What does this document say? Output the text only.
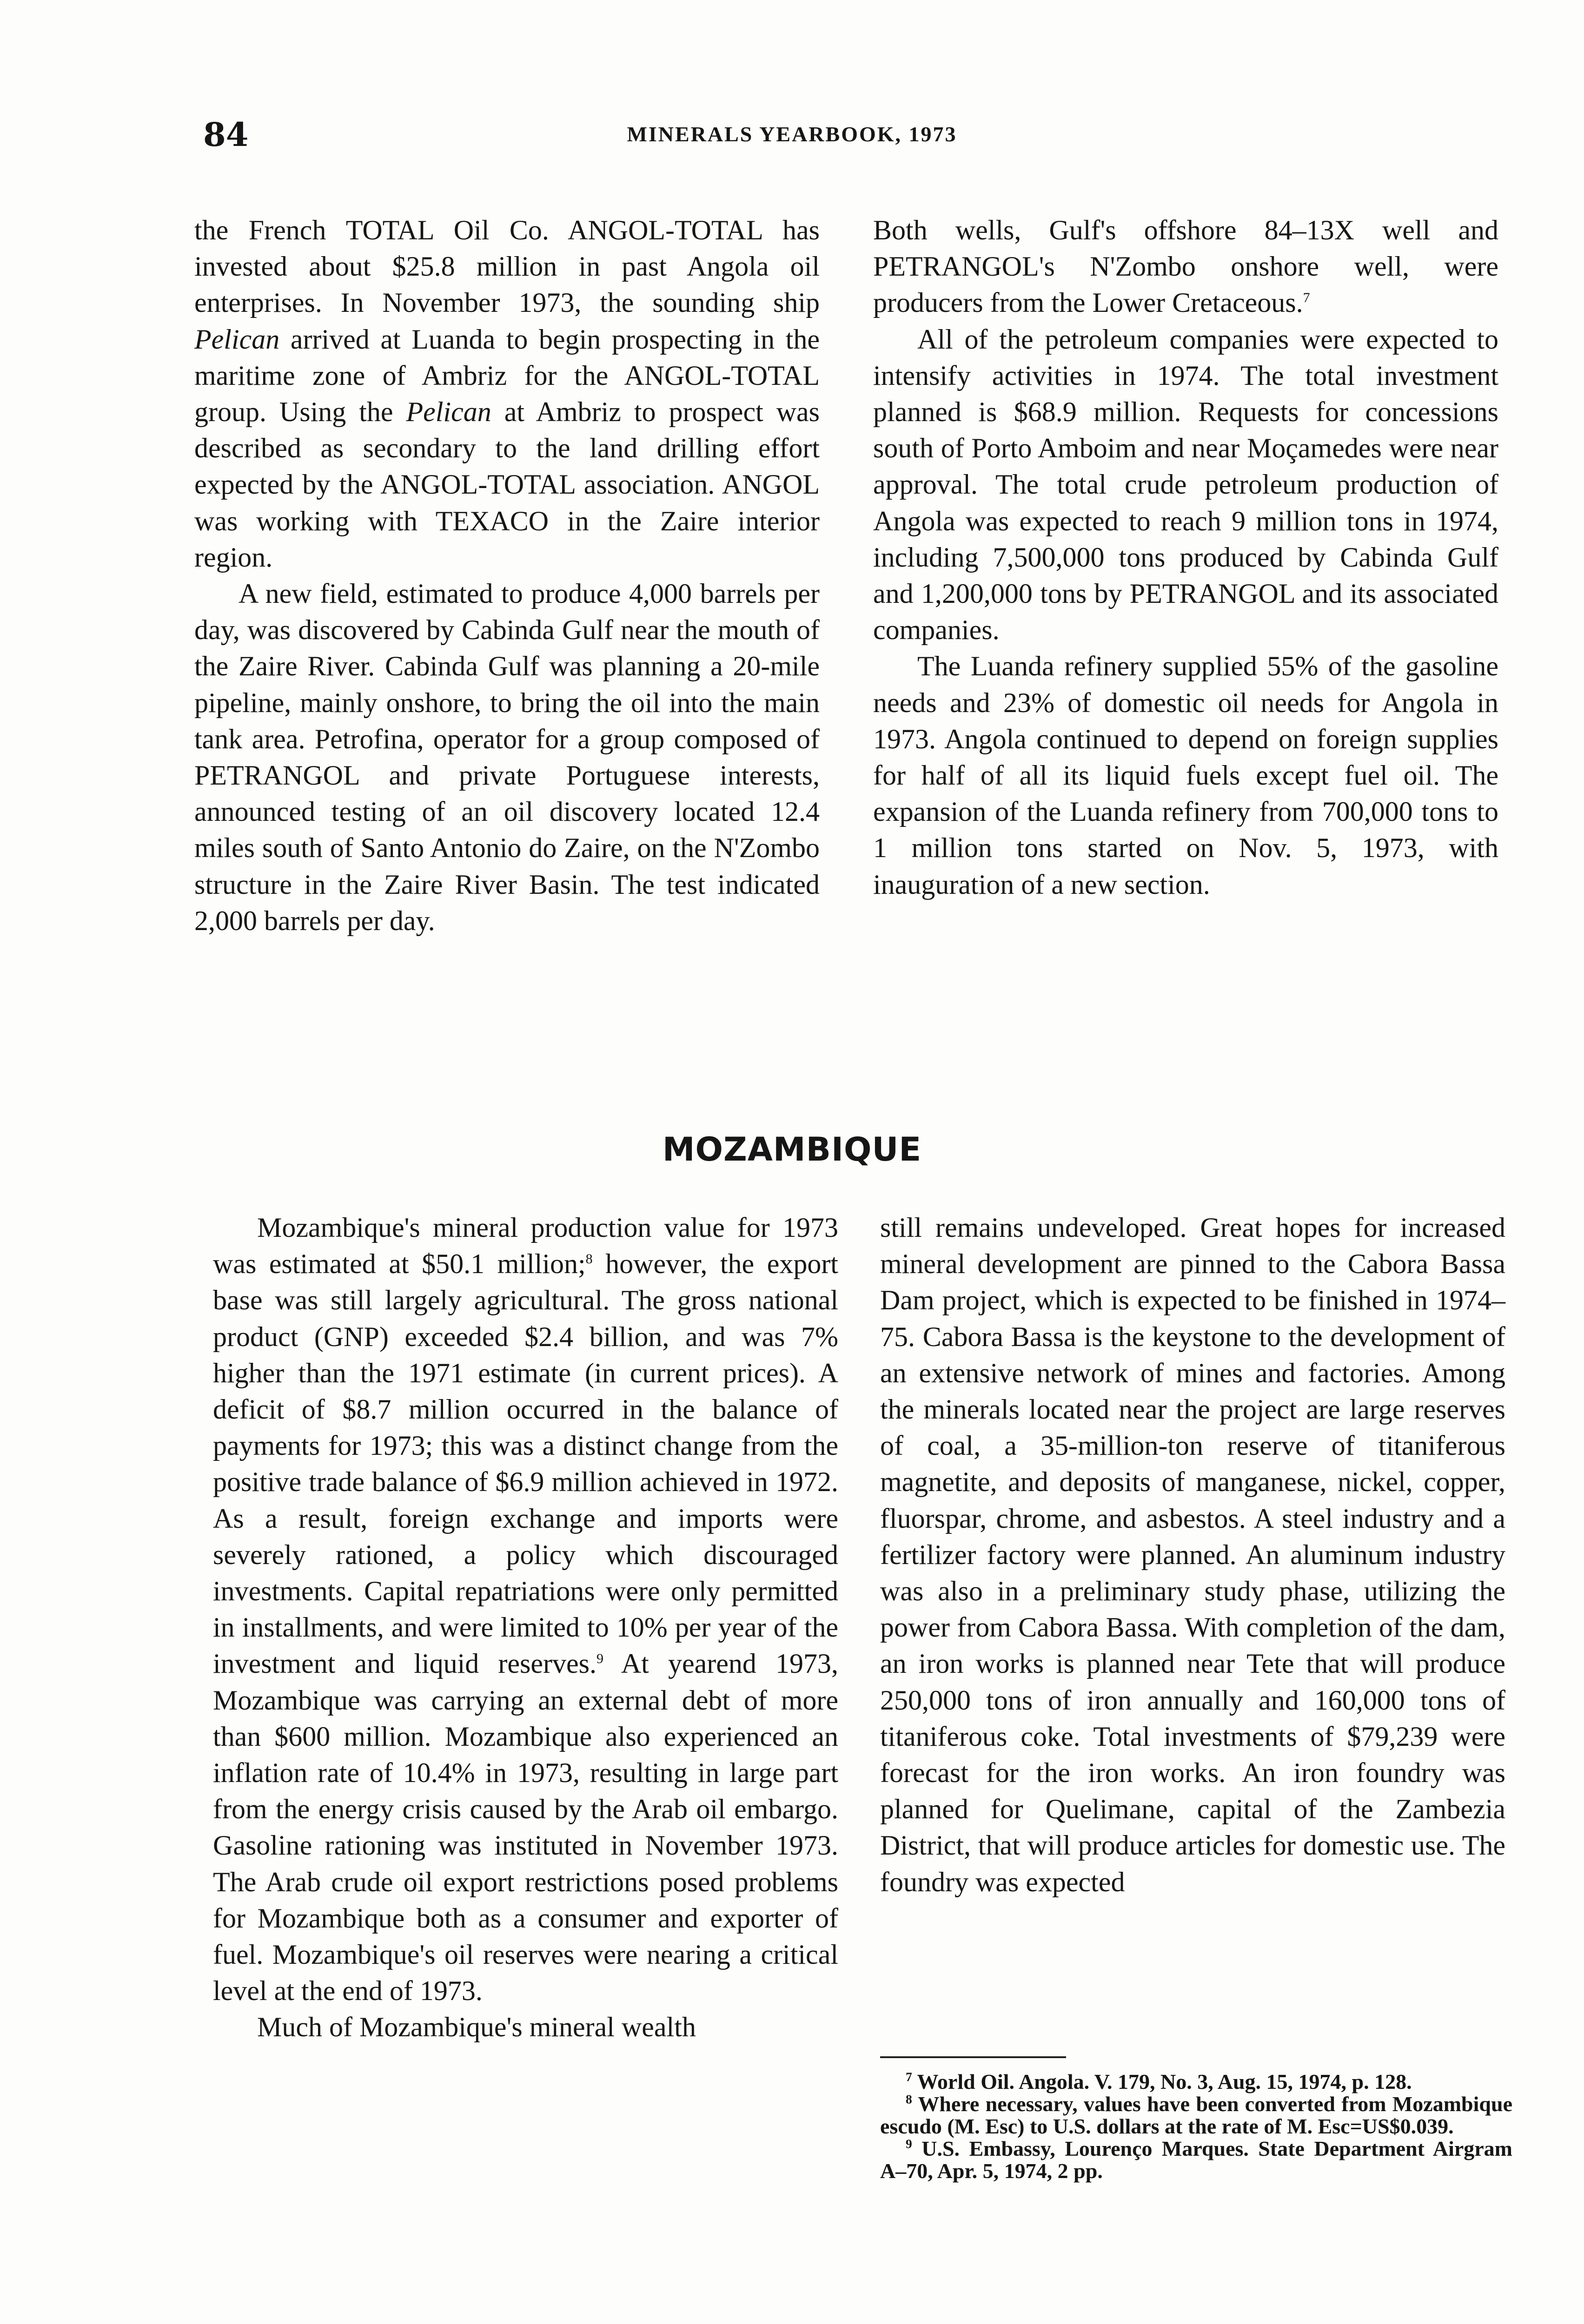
84	MINERALS YEARBOOK, 1973

the French TOTAL Oil Co. ANGOL-TOTAL has invested about $25.8 million in past Angola oil enterprises. In November 1973, the sounding ship Pelican arrived at Luanda to begin prospecting in the maritime zone of Ambriz for the ANGOL-TOTAL group. Using the Pelican at Ambriz to prospect was described as secondary to the land drilling effort expected by the ANGOL-TOTAL association. ANGOL was working with TEXACO in the Zaire interior region.

A new field, estimated to produce 4,000 barrels per day, was discovered by Cabinda Gulf near the mouth of the Zaire River. Cabinda Gulf was planning a 20-mile pipeline, mainly onshore, to bring the oil into the main tank area. Petrofina, operator for a group composed of PETRANGOL and private Portuguese interests, announced testing of an oil discovery located 12.4 miles south of Santo Antonio do Zaire, on the N'Zombo structure in the Zaire River Basin. The test indicated 2,000 barrels per day.

Both wells, Gulf's offshore 84–13X well and PETRANGOL's N'Zombo onshore well, were producers from the Lower Cretaceous.$^7$

All of the petroleum companies were expected to intensify activities in 1974. The total investment planned is $68.9 million. Requests for concessions south of Porto Amboim and near Moçamedes were near approval. The total crude petroleum production of Angola was expected to reach 9 million tons in 1974, including 7,500,000 tons produced by Cabinda Gulf and 1,200,000 tons by PETRANGOL and its associated companies.

The Luanda refinery supplied 55% of the gasoline needs and 23% of domestic oil needs for Angola in 1973. Angola continued to depend on foreign supplies for half of all its liquid fuels except fuel oil. The expansion of the Luanda refinery from 700,000 tons to 1 million tons started on Nov. 5, 1973, with inauguration of a new section.

MOZAMBIQUE

Mozambique's mineral production value for 1973 was estimated at $50.1 million;$^8$ however, the export base was still largely agricultural. The gross national product (GNP) exceeded $2.4 billion, and was 7% higher than the 1971 estimate (in current prices). A deficit of $8.7 million occurred in the balance of payments for 1973; this was a distinct change from the positive trade balance of $6.9 million achieved in 1972. As a result, foreign exchange and imports were severely rationed, a policy which discouraged investments. Capital repatriations were only permitted in installments, and were limited to 10% per year of the investment and liquid reserves.$^9$ At yearend 1973, Mozambique was carrying an external debt of more than $600 million. Mozambique also experienced an inflation rate of 10.4% in 1973, resulting in large part from the energy crisis caused by the Arab oil embargo. Gasoline rationing was instituted in November 1973. The Arab crude oil export restrictions posed problems for Mozambique both as a consumer and exporter of fuel. Mozambique's oil reserves were nearing a critical level at the end of 1973.

Much of Mozambique's mineral wealth

still remains undeveloped. Great hopes for increased mineral development are pinned to the Cabora Bassa Dam project, which is expected to be finished in 1974–75. Cabora Bassa is the keystone to the development of an extensive network of mines and factories. Among the minerals located near the project are large reserves of coal, a 35-million-ton reserve of titaniferous magnetite, and deposits of manganese, nickel, copper, fluorspar, chrome, and asbestos. A steel industry and a fertilizer factory were planned. An aluminum industry was also in a preliminary study phase, utilizing the power from Cabora Bassa. With completion of the dam, an iron works is planned near Tete that will produce 250,000 tons of iron annually and 160,000 tons of titaniferous coke. Total investments of $79,239 were forecast for the iron works. An iron foundry was planned for Quelimane, capital of the Zambezia District, that will produce articles for domestic use. The foundry was expected

$^7$ World Oil. Angola. V. 179, No. 3, Aug. 15, 1974, p. 128.

$^8$ Where necessary, values have been converted from Mozambique escudo (M. Esc) to U.S. dollars at the rate of M. Esc=US$0.039.

$^9$ U.S. Embassy, Lourenço Marques. State Department Airgram A–70, Apr. 5, 1974, 2 pp.
